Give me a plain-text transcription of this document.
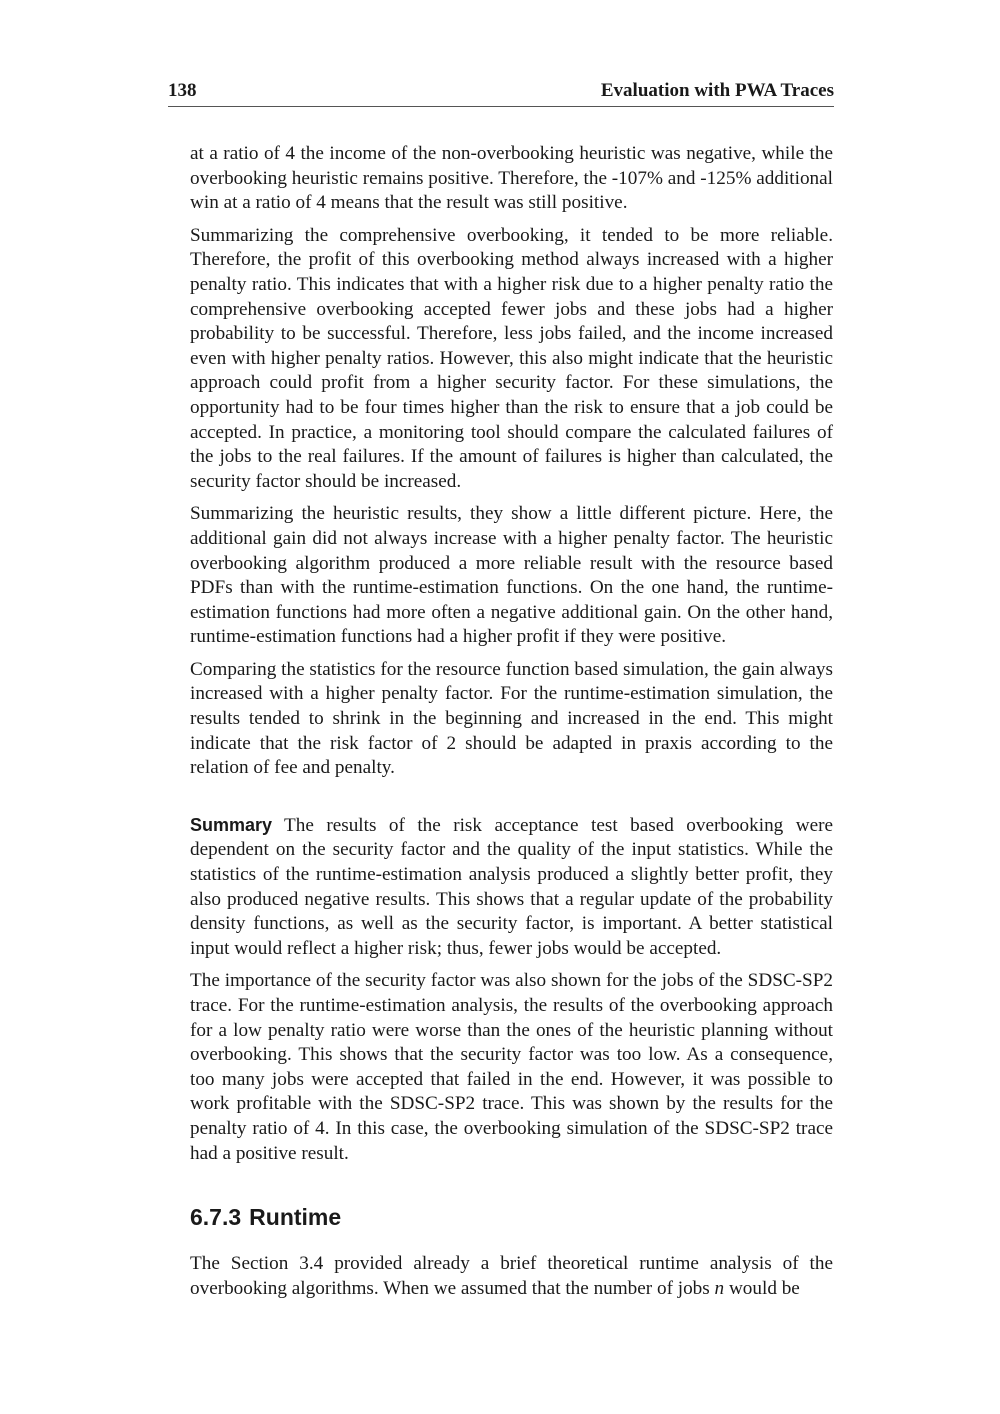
138	Evaluation with PWA Traces

at a ratio of 4 the income of the non-overbooking heuristic was negative, while the overbooking heuristic remains positive. Therefore, the -107% and -125% additional win at a ratio of 4 means that the result was still positive.

Summarizing the comprehensive overbooking, it tended to be more reliable. Therefore, the profit of this overbooking method always increased with a higher penalty ratio. This indicates that with a higher risk due to a higher penalty ratio the comprehensive overbooking accepted fewer jobs and these jobs had a higher probability to be successful. Therefore, less jobs failed, and the income increased even with higher penalty ratios. However, this also might indicate that the heuristic approach could profit from a higher security factor. For these simulations, the opportunity had to be four times higher than the risk to ensure that a job could be accepted. In practice, a monitoring tool should compare the calculated failures of the jobs to the real failures. If the amount of failures is higher than calculated, the security factor should be increased.

Summarizing the heuristic results, they show a little different picture. Here, the additional gain did not always increase with a higher penalty factor. The heuristic overbooking algorithm produced a more reliable result with the resource based PDFs than with the runtime-estimation functions. On the one hand, the runtime-estimation functions had more often a negative additional gain. On the other hand, runtime-estimation functions had a higher profit if they were positive.

Comparing the statistics for the resource function based simulation, the gain always increased with a higher penalty factor. For the runtime-estimation simulation, the results tended to shrink in the beginning and increased in the end. This might indicate that the risk factor of 2 should be adapted in praxis according to the relation of fee and penalty.

Summary The results of the risk acceptance test based overbooking were dependent on the security factor and the quality of the input statistics. While the statistics of the runtime-estimation analysis produced a slightly better profit, they also produced negative results. This shows that a regular update of the probability density functions, as well as the security factor, is important. A better statistical input would reflect a higher risk; thus, fewer jobs would be accepted.

The importance of the security factor was also shown for the jobs of the SDSC-SP2 trace. For the runtime-estimation analysis, the results of the overbooking approach for a low penalty ratio were worse than the ones of the heuristic planning without overbooking. This shows that the security factor was too low. As a consequence, too many jobs were accepted that failed in the end. However, it was possible to work profitable with the SDSC-SP2 trace. This was shown by the results for the penalty ratio of 4. In this case, the overbooking simulation of the SDSC-SP2 trace had a positive result.

6.7.3 Runtime

The Section 3.4 provided already a brief theoretical runtime analysis of the overbooking algorithms. When we assumed that the number of jobs n would be
